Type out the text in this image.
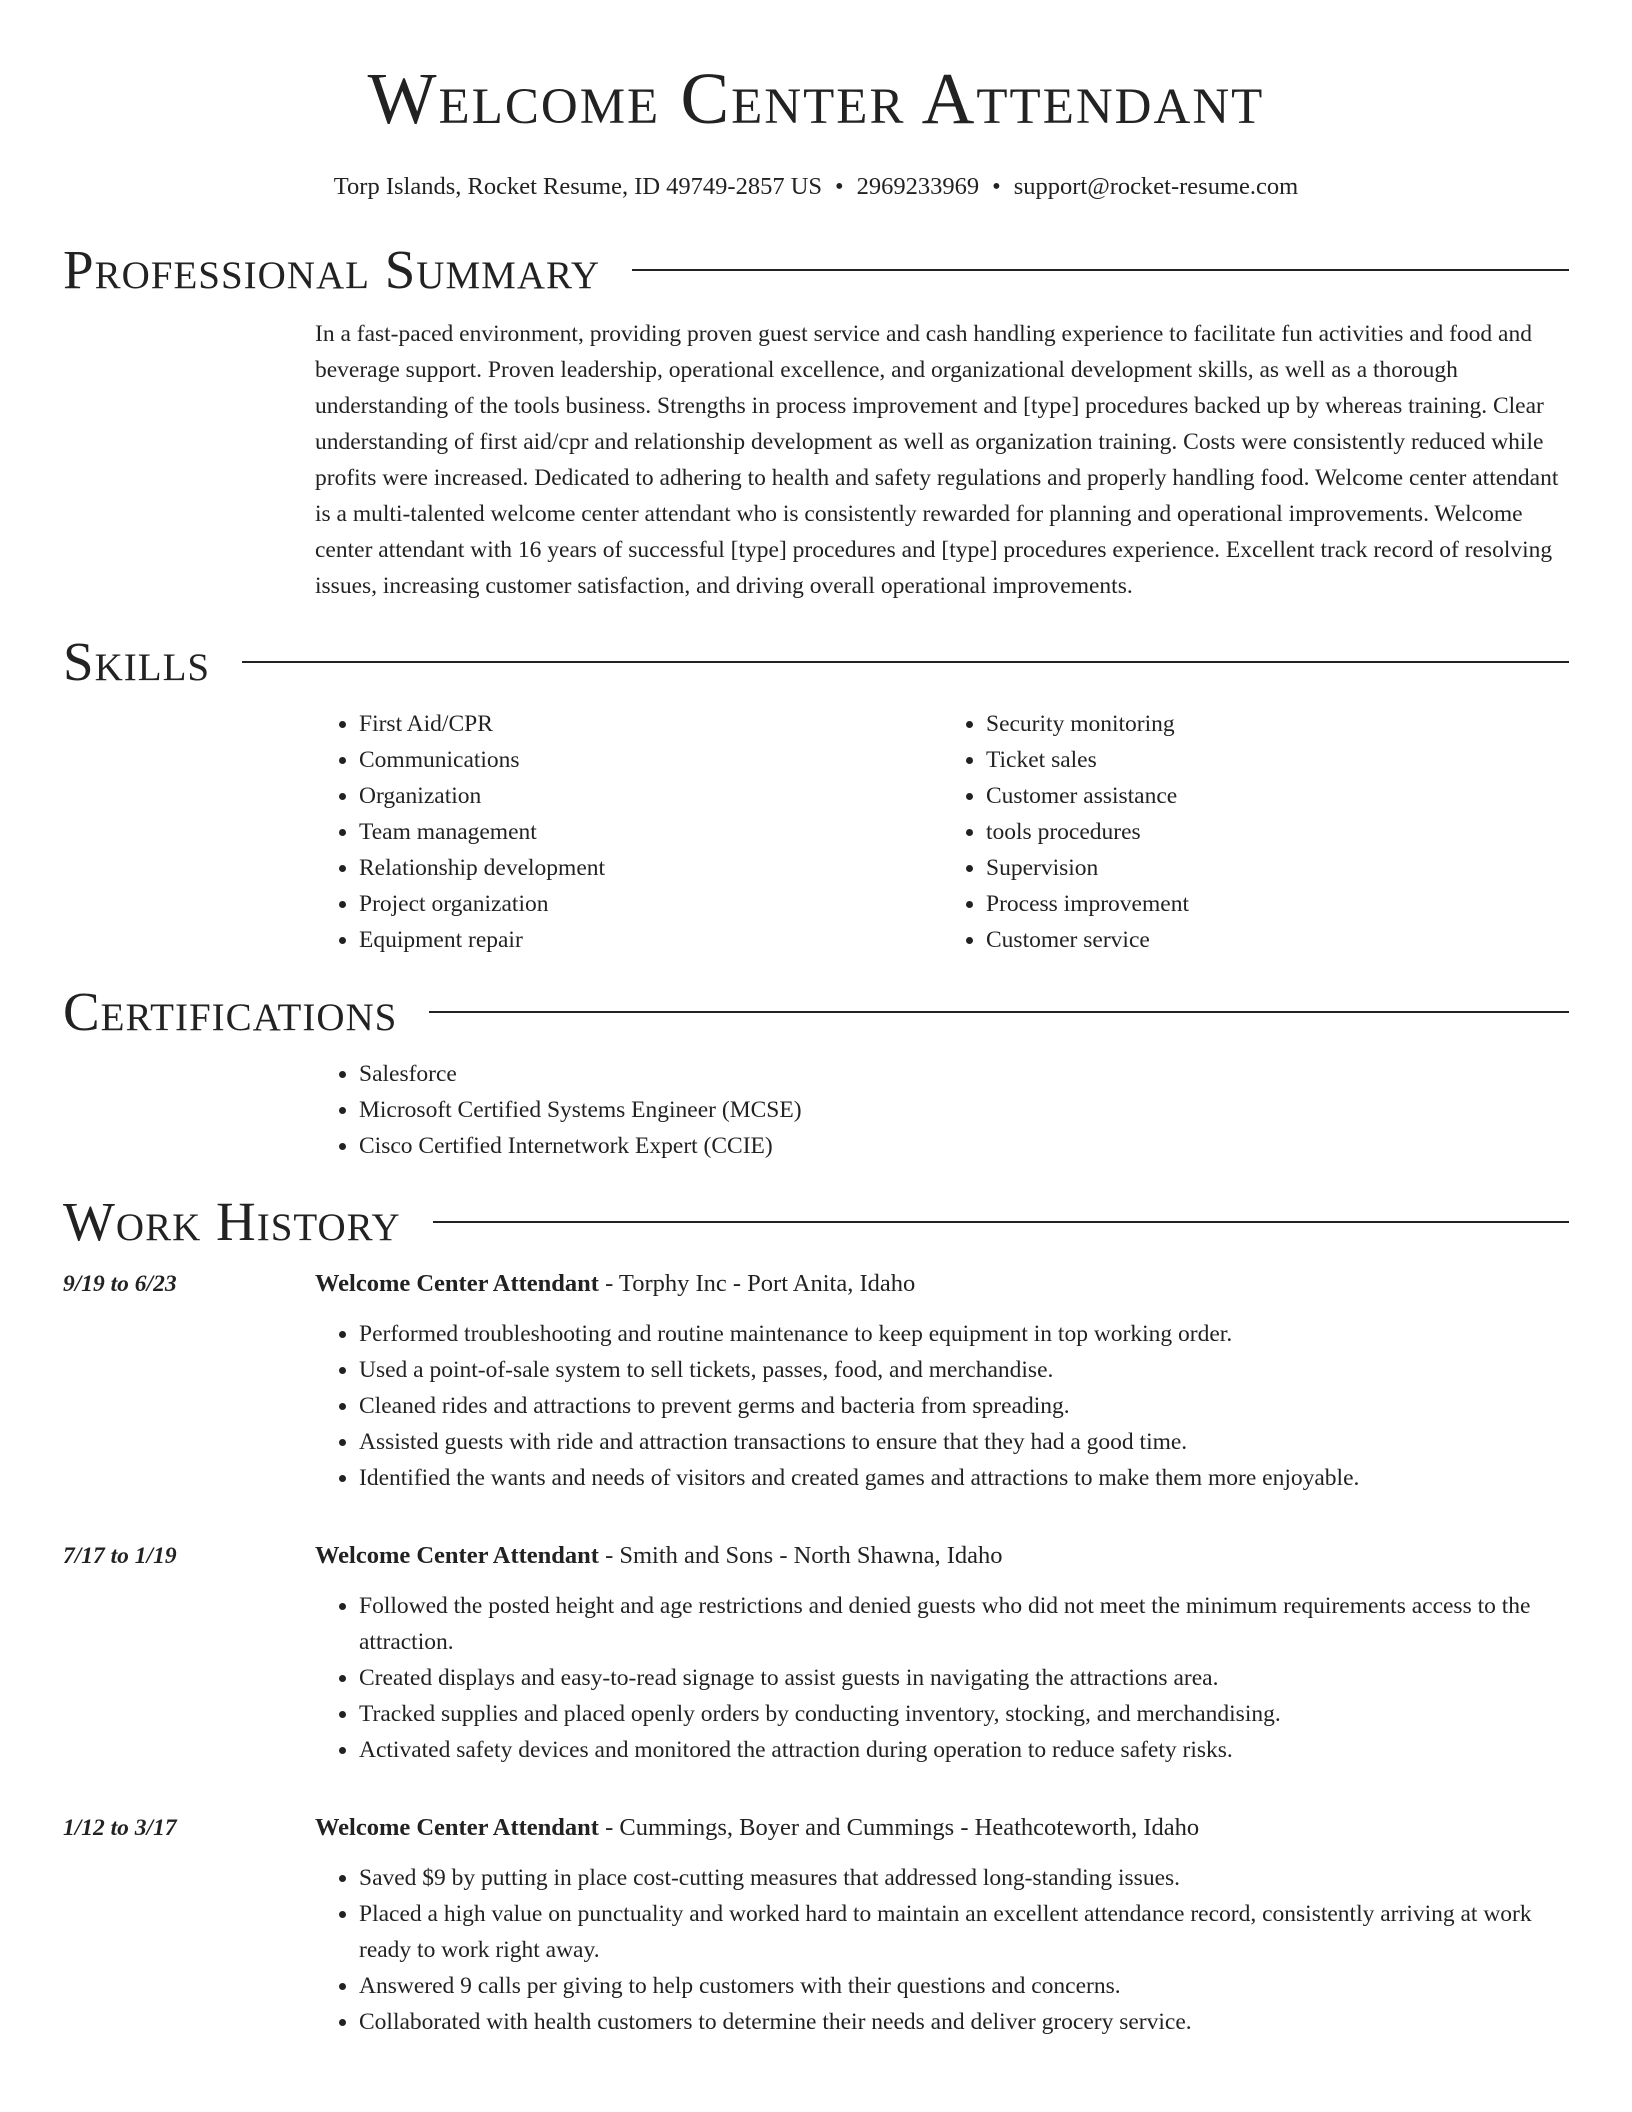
Welcome Center Attendant
Torp Islands, Rocket Resume, ID 49749-2857 US • 2969233969 • support@rocket-resume.com
Professional Summary

In a fast-paced environment, providing proven guest service and cash handling experience to facilitate fun activities and food and beverage support. Proven leadership, operational excellence, and organizational development skills, as well as a thorough understanding of the tools business. Strengths in process improvement and [type] procedures backed up by whereas training. Clear understanding of first aid/cpr and relationship development as well as organization training. Costs were consistently reduced while profits were increased. Dedicated to adhering to health and safety regulations and properly handling food. Welcome center attendant is a multi-talented welcome center attendant who is consistently rewarded for planning and operational improvements. Welcome center attendant with 16 years of successful [type] procedures and [type] procedures experience. Excellent track record of resolving issues, increasing customer satisfaction, and driving overall operational improvements.

Skills
• First Aid/CPR
• Communications
• Organization
• Team management
• Relationship development
• Project organization
• Equipment repair
• Security monitoring
• Ticket sales
• Customer assistance
• tools procedures
• Supervision
• Process improvement
• Customer service
Certifications
• Salesforce
• Microsoft Certified Systems Engineer (MCSE)
• Cisco Certified Internetwork Expert (CCIE)
Work History
9/19 to 6/23	Welcome Center Attendant - Torphy Inc - Port Anita, Idaho
• Performed troubleshooting and routine maintenance to keep equipment in top working order.
• Used a point-of-sale system to sell tickets, passes, food, and merchandise.
• Cleaned rides and attractions to prevent germs and bacteria from spreading.
• Assisted guests with ride and attraction transactions to ensure that they had a good time.
• Identified the wants and needs of visitors and created games and attractions to make them more enjoyable.
7/17 to 1/19	Welcome Center Attendant - Smith and Sons - North Shawna, Idaho
• Followed the posted height and age restrictions and denied guests who did not meet the minimum requirements access to the attraction.
• Created displays and easy-to-read signage to assist guests in navigating the attractions area.
• Tracked supplies and placed openly orders by conducting inventory, stocking, and merchandising.
• Activated safety devices and monitored the attraction during operation to reduce safety risks.
1/12 to 3/17	Welcome Center Attendant - Cummings, Boyer and Cummings - Heathcoteworth, Idaho
• Saved $9 by putting in place cost-cutting measures that addressed long-standing issues.
• Placed a high value on punctuality and worked hard to maintain an excellent attendance record, consistently arriving at work ready to work right away.
• Answered 9 calls per giving to help customers with their questions and concerns.
• Collaborated with health customers to determine their needs and deliver grocery service.
